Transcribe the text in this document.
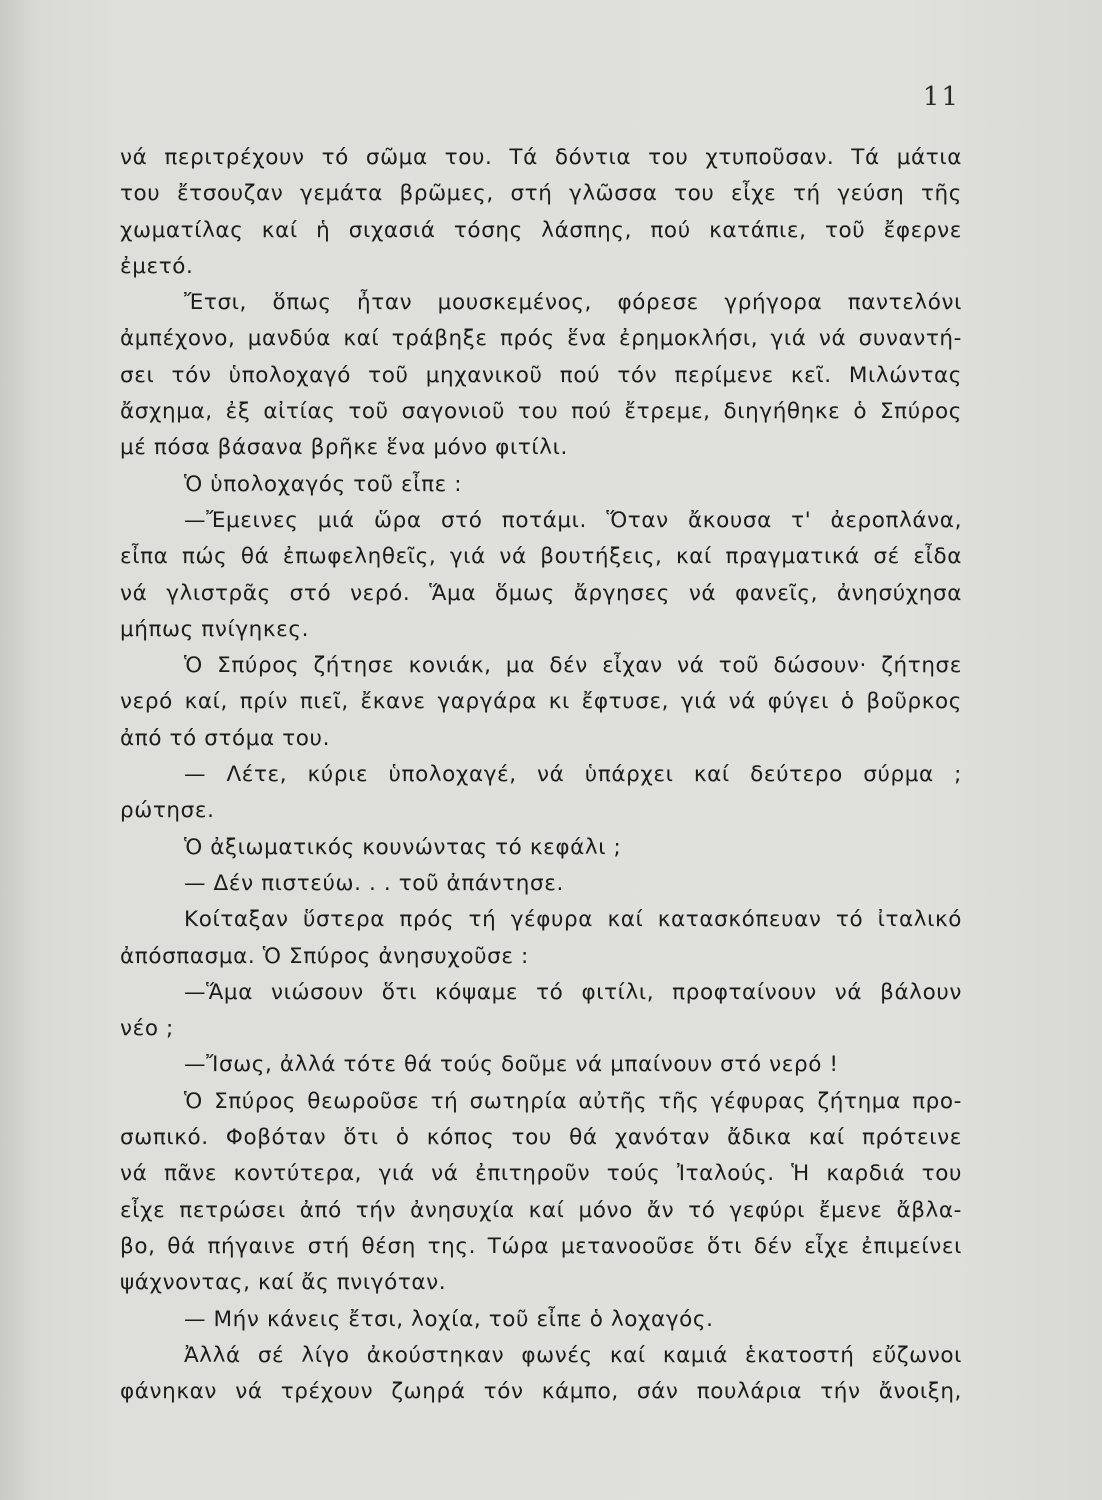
11
νά περιτρέχουν τό σῶμα του. Τά δόντια του χτυποῦσαν. Τά μάτια
του ἔτσουζαν γεμάτα βρῶμες, στή γλῶσσα του εἶχε τή γεύση τῆς
χωματίλας καί ἡ σιχασιά τόσης λάσπης, πού κατάπιε, τοῦ ἔφερνε
ἐμετό.
Ἔτσι, ὅπως ἦταν μουσκεμένος, φόρεσε γρήγορα παντελόνι
ἀμπέχονο, μανδύα καί τράβηξε πρός ἕνα ἐρημοκλήσι, γιά νά συναντή-
σει τόν ὑπολοχαγό τοῦ μηχανικοῦ πού τόν περίμενε κεῖ. Μιλώντας
ἄσχημα, ἐξ αἰτίας τοῦ σαγονιοῦ του πού ἔτρεμε, διηγήθηκε ὁ Σπύρος
μέ πόσα βάσανα βρῆκε ἕνα μόνο φιτίλι.
Ὁ ὑπολοχαγός τοῦ εἶπε :
—Ἔμεινες μιά ὥρα στό ποτάμι. Ὅταν ἄκουσα τ' ἀεροπλάνα,
εἶπα πώς θά ἐπωφεληθεῖς, γιά νά βουτήξεις, καί πραγματικά σέ εἶδα
νά γλιστρᾶς στό νερό. Ἅμα ὅμως ἄργησες νά φανεῖς, ἀνησύχησα
μήπως πνίγηκες.
Ὁ Σπύρος ζήτησε κονιάκ, μα δέν εἶχαν νά τοῦ δώσουν· ζήτησε
νερό καί, πρίν πιεῖ, ἔκανε γαργάρα κι ἔφτυσε, γιά νά φύγει ὁ βοῦρκος
ἀπό τό στόμα του.
— Λέτε, κύριε ὑπολοχαγέ, νά ὑπάρχει καί δεύτερο σύρμα ;
ρώτησε.
Ὁ ἀξιωματικός κουνώντας τό κεφάλι ;
— Δέν πιστεύω. . . τοῦ ἀπάντησε.
Κοίταξαν ὕστερα πρός τή γέφυρα καί κατασκόπευαν τό ἰταλικό
ἀπόσπασμα. Ὁ Σπύρος ἀνησυχοῦσε :
—Ἅμα νιώσουν ὅτι κόψαμε τό φιτίλι, προφταίνουν νά βάλουν
νέο ;
—Ἴσως, ἀλλά τότε θά τούς δοῦμε νά μπαίνουν στό νερό !
Ὁ Σπύρος θεωροῦσε τή σωτηρία αὐτῆς τῆς γέφυρας ζήτημα προ-
σωπικό. Φοβόταν ὅτι ὁ κόπος του θά χανόταν ἄδικα καί πρότεινε
νά πᾶνε κοντύτερα, γιά νά ἐπιτηροῦν τούς Ἰταλούς. Ἡ καρδιά του
εἶχε πετρώσει ἀπό τήν ἀνησυχία καί μόνο ἄν τό γεφύρι ἔμενε ἄβλα-
βο, θά πήγαινε στή θέση της. Τώρα μετανοοῦσε ὅτι δέν εἶχε ἐπιμείνει
ψάχνοντας, καί ἄς πνιγόταν.
— Μήν κάνεις ἔτσι, λοχία, τοῦ εἶπε ὁ λοχαγός.
Ἀλλά σέ λίγο ἀκούστηκαν φωνές καί καμιά ἑκατοστή εὔζωνοι
φάνηκαν νά τρέχουν ζωηρά τόν κάμπο, σάν πουλάρια τήν ἄνοιξη,
